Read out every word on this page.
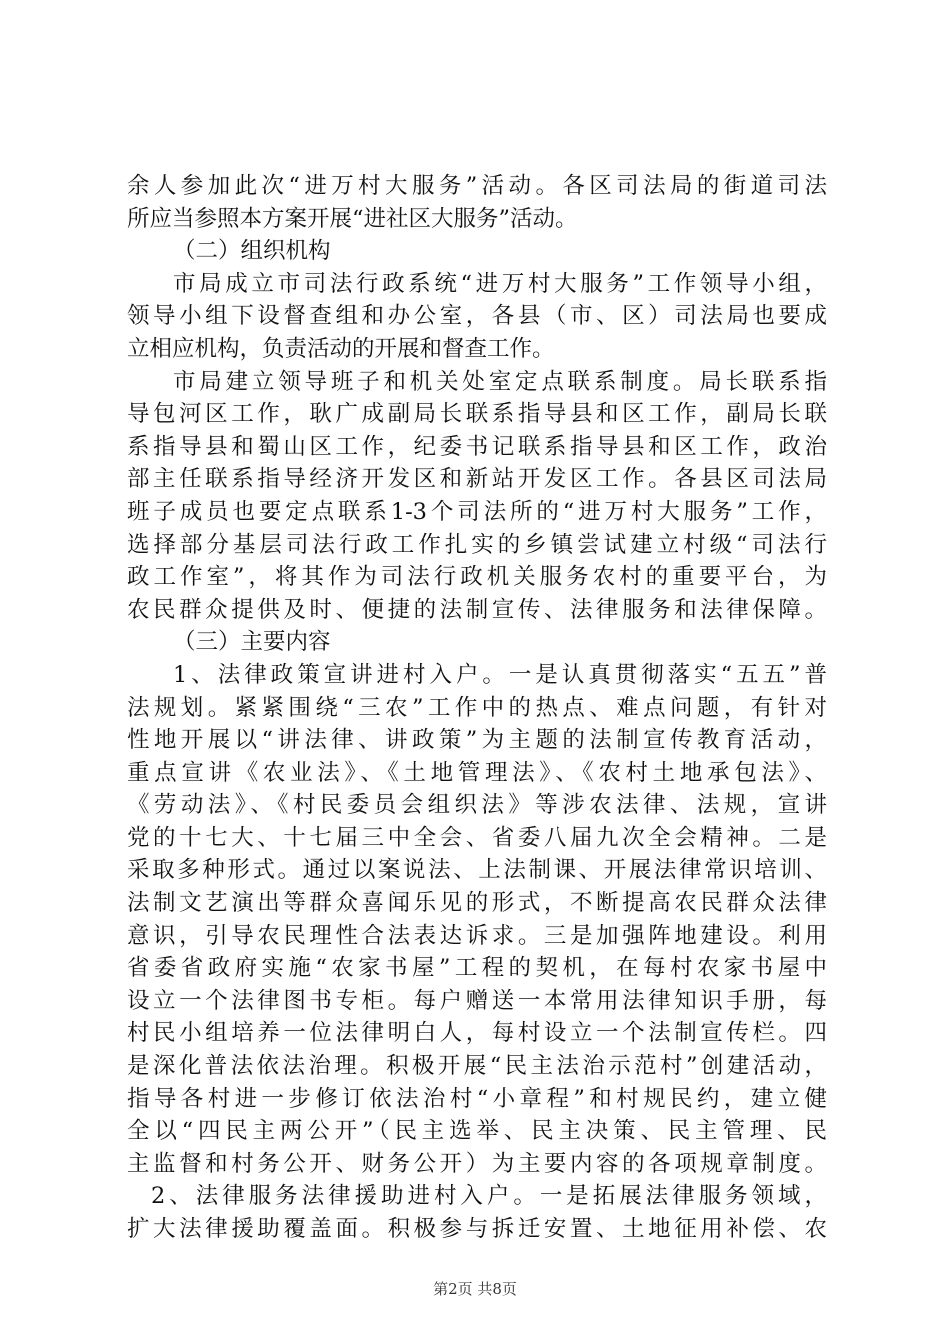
余人参加此次“进万村大服务”活动。各区司法局的街道司法
所应当参照本方案开展“进社区大服务”活动。
（二）组织机构
市局成立市司法行政系统“进万村大服务”工作领导小组，
领导小组下设督查组和办公室，各县（市、区）司法局也要成
立相应机构，负责活动的开展和督查工作。
市局建立领导班子和机关处室定点联系制度。局长联系指
导包河区工作，耿广成副局长联系指导县和区工作，副局长联
系指导县和蜀山区工作，纪委书记联系指导县和区工作，政治
部主任联系指导经济开发区和新站开发区工作。各县区司法局
班子成员也要定点联系1-3个司法所的“进万村大服务”工作，
选择部分基层司法行政工作扎实的乡镇尝试建立村级“司法行
政工作室”，将其作为司法行政机关服务农村的重要平台，为
农民群众提供及时、便捷的法制宣传、法律服务和法律保障。
（三）主要内容
1、法律政策宣讲进村入户。一是认真贯彻落实“五五”普
法规划。紧紧围绕“三农”工作中的热点、难点问题，有针对
性地开展以“讲法律、讲政策”为主题的法制宣传教育活动，
重点宣讲《农业法》、《土地管理法》、《农村土地承包法》、
《劳动法》、《村民委员会组织法》等涉农法律、法规，宣讲
党的十七大、十七届三中全会、省委八届九次全会精神。二是
采取多种形式。通过以案说法、上法制课、开展法律常识培训、
法制文艺演出等群众喜闻乐见的形式，不断提高农民群众法律
意识，引导农民理性合法表达诉求。三是加强阵地建设。利用
省委省政府实施“农家书屋”工程的契机，在每村农家书屋中
设立一个法律图书专柜。每户赠送一本常用法律知识手册，每
村民小组培养一位法律明白人，每村设立一个法制宣传栏。四
是深化普法依法治理。积极开展“民主法治示范村”创建活动，
指导各村进一步修订依法治村“小章程”和村规民约，建立健
全以“四民主两公开”（民主选举、民主决策、民主管理、民
主监督和村务公开、财务公开）为主要内容的各项规章制度。
2、法律服务法律援助进村入户。一是拓展法律服务领域，
扩大法律援助覆盖面。积极参与拆迁安置、土地征用补偿、农
第2页 共8页
